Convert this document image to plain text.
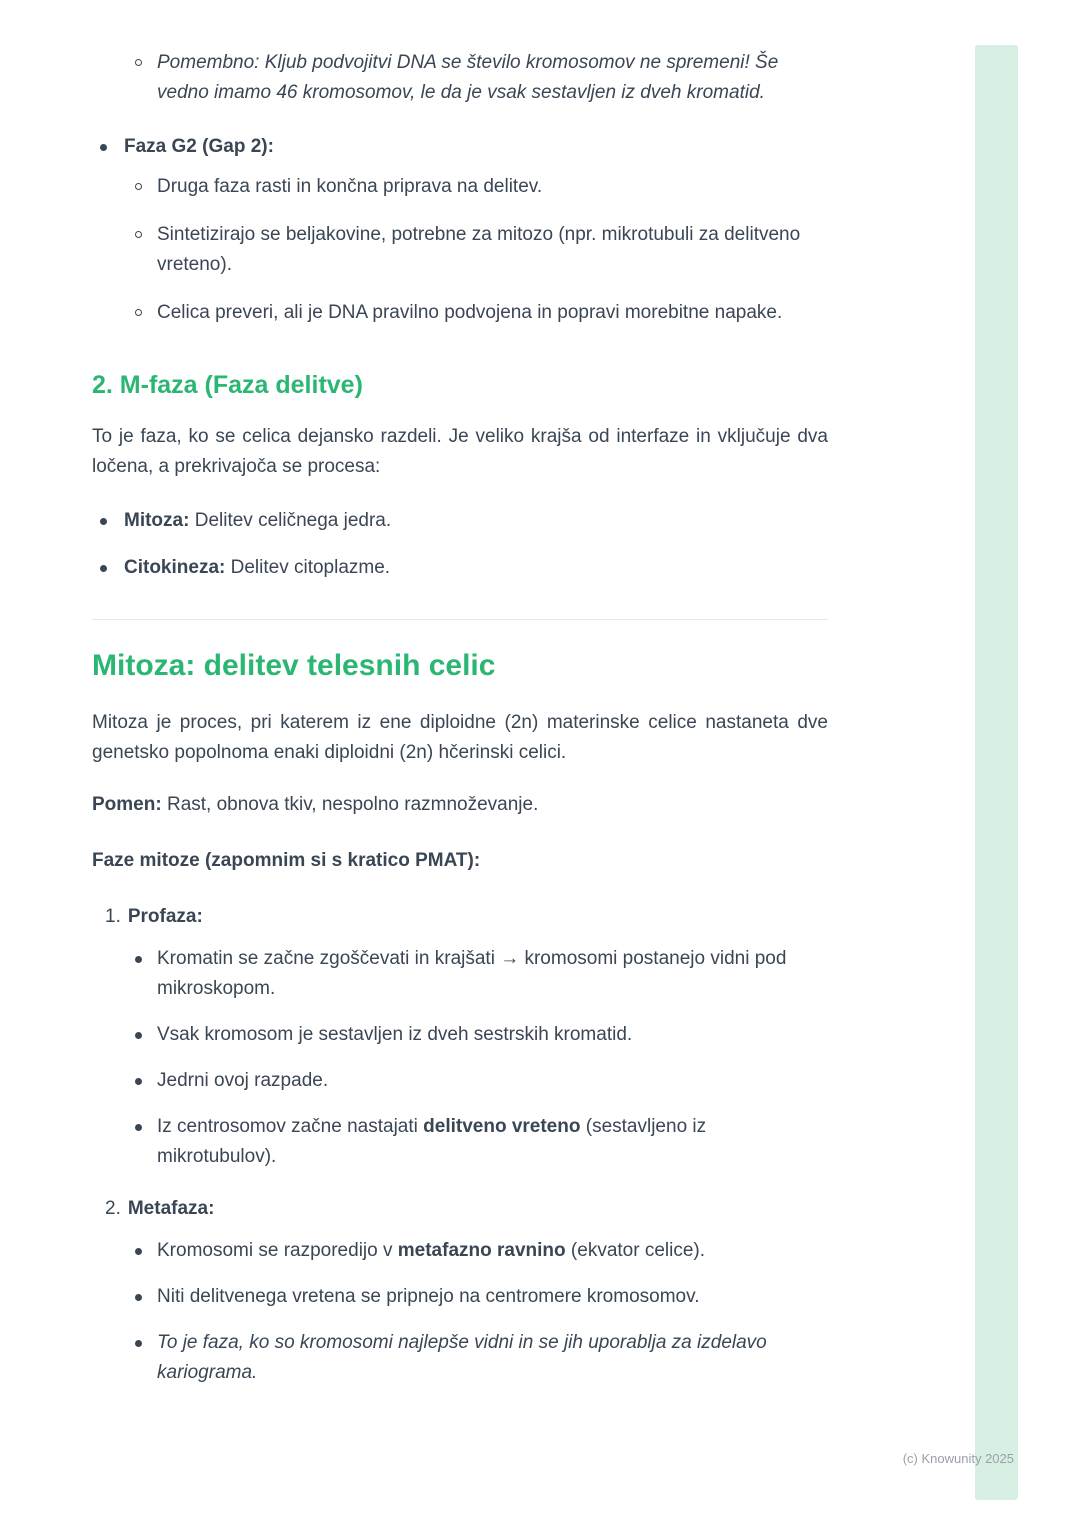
Pomembno: Kljub podvojitvi DNA se število kromosomov ne spremeni! Še vedno imamo 46 kromosomov, le da je vsak sestavljen iz dveh kromatid.
Faza G2 (Gap 2):
Druga faza rasti in končna priprava na delitev.
Sintetizirajo se beljakovine, potrebne za mitozo (npr. mikrotubuli za delitveno vreteno).
Celica preveri, ali je DNA pravilno podvojena in popravi morebitne napake.
2. M-faza (Faza delitve)
To je faza, ko se celica dejansko razdeli. Je veliko krajša od interfaze in vključuje dva ločena, a prekrivajoča se procesa:
Mitoza: Delitev celičnega jedra.
Citokineza: Delitev citoplazme.
Mitoza: delitev telesnih celic
Mitoza je proces, pri katerem iz ene diploidne (2n) materinske celice nastaneta dve genetsko popolnoma enaki diploidni (2n) hčerinski celici.
Pomen: Rast, obnova tkiv, nespolno razmnoževanje.
Faze mitoze (zapomnim si s kratico PMAT):
1. Profaza:
Kromatin se začne zgoščevati in krajšati → kromosomi postanejo vidni pod mikroskopom.
Vsak kromosom je sestavljen iz dveh sestrskih kromatid.
Jedrni ovoj razpade.
Iz centrosomov začne nastajati delitveno vreteno (sestavljeno iz mikrotubulov).
2. Metafaza:
Kromosomi se razporedijo v metafazno ravnino (ekvator celice).
Niti delitvenega vretena se pripnejo na centromere kromosomov.
To je faza, ko so kromosomi najlepše vidni in se jih uporablja za izdelavo kariograma.
(c) Knowunity 2025
